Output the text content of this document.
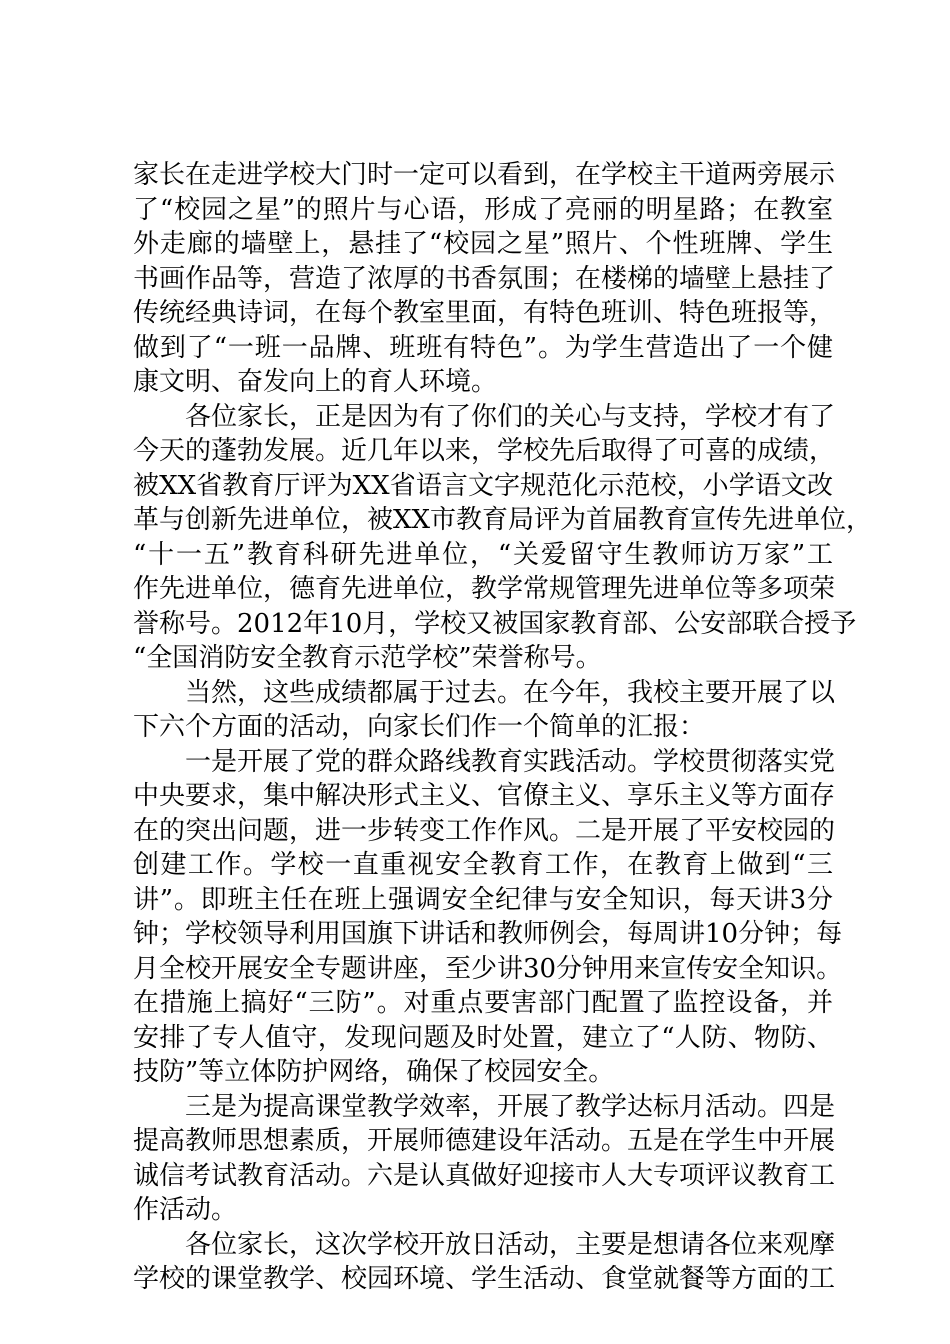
家长在走进学校大门时一定可以看到，在学校主干道两旁展示
了“校园之星”的照片与心语，形成了亮丽的明星路；在教室
外走廊的墙壁上，悬挂了“校园之星”照片、个性班牌、学生
书画作品等，营造了浓厚的书香氛围；在楼梯的墙壁上悬挂了
传统经典诗词，在每个教室里面，有特色班训、特色班报等，
做到了“一班一品牌、班班有特色”。为学生营造出了一个健
康文明、奋发向上的育人环境。
各位家长，正是因为有了你们的关心与支持，学校才有了
今天的蓬勃发展。近几年以来，学校先后取得了可喜的成绩，
被XX省教育厅评为XX省语言文字规范化示范校，小学语文改
革与创新先进单位，被XX市教育局评为首届教育宣传先进单位，
“十一五”教育科研先进单位，“关爱留守生教师访万家”工
作先进单位，德育先进单位，教学常规管理先进单位等多项荣
誉称号。2012年10月，学校又被国家教育部、公安部联合授予
“全国消防安全教育示范学校”荣誉称号。
当然，这些成绩都属于过去。在今年，我校主要开展了以
下六个方面的活动，向家长们作一个简单的汇报：
一是开展了党的群众路线教育实践活动。学校贯彻落实党
中央要求，集中解决形式主义、官僚主义、享乐主义等方面存
在的突出问题，进一步转变工作作风。二是开展了平安校园的
创建工作。学校一直重视安全教育工作，在教育上做到“三
讲”。即班主任在班上强调安全纪律与安全知识，每天讲3分
钟；学校领导利用国旗下讲话和教师例会，每周讲10分钟；每
月全校开展安全专题讲座，至少讲30分钟用来宣传安全知识。
在措施上搞好“三防”。对重点要害部门配置了监控设备，并
安排了专人值守，发现问题及时处置，建立了“人防、物防、
技防”等立体防护网络，确保了校园安全。
三是为提高课堂教学效率，开展了教学达标月活动。四是
提高教师思想素质，开展师德建设年活动。五是在学生中开展
诚信考试教育活动。六是认真做好迎接市人大专项评议教育工
作活动。
各位家长，这次学校开放日活动，主要是想请各位来观摩
学校的课堂教学、校园环境、学生活动、食堂就餐等方面的工
